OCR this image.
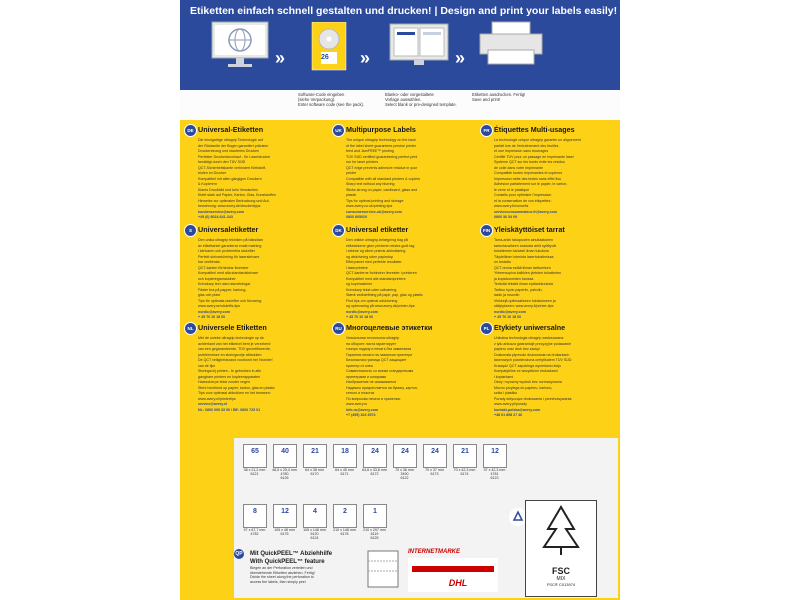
Etiketten einfach schnell gestalten und drucken! | Design and print your labels easily!
»	26 »	»
Software-Code eingeben
(siehe Verpackung).
Enter software code (see the pack).
Blanko- oder vorgestaltete
Vorlage auswählen.
Select blank or pre-designed template.
Etiketten ausdrucken. Fertig!
Save and print!
DE Universal-Etiketten
Die einzigartige ultragrip Technologie auf
der Rückseite der Bogen garantiert präzisen
Druckereinzug und staufreies Drucken
Perfekter Druckerdurchlauf - für Laserdrucker
bestätigt durch den TÜV SÜD
QCT-Sicherheitskante verhindert Klebstoff-
bluten im Drucker
Kompatibel mit allen gängigen Druckern
& Kopierern
Klares Druckbild und kein Verwischen
Klebt stark auf Papier, Karton, Glas, Kunststoffen
Hinweise zur optimalen Bedruckung und Auf-
bewahrung: www.avery.de/druckertipps
kundenservice@avery.com
+49 (0) 8024-641-343
UK Multipurpose Labels
The unique ultragrip technology on the back
of the label sheet guarantees precise printer
feed and JamFREE™ printing
TÜV SÜD certified guaranteeing perfect print
run for laser printers
QCT edge prevents adhesive residue in your
printer
Compatible with all standard printers & copiers
Sharp text without any blurring
Sticks strong on paper, cardboard, glass and
plastic
Tips for optimal printing and storage:
www.avery.co.uk/printing-tips
consumerservice-uk@avery.com
0800 805020
FR Étiquettes Multi-usages
La technologie unique ultragrip garantie un alignement
parfait lors de l'entraînement des feuilles
et une impression sans bourrages
Certifié TÜV pour un passage en imprimante laser
Système QCT sur les bords évite les résidus
de colle dans votre imprimante
Compatible toutes imprimantes et copieurs
Impression nette des textes sans effet flou
Adhésion parfaitement sur le papier, le carton,
le verre et le plastique
Conseils pour optimiser l'impression
et la conservation de vos étiquettes :
www.avery.fr/conseils
serviceconsommateur-fr@avery.com
0800 36 54 09
S Universaletiketter
Den unika ultragrip tekniken på baksidan
av etikettarket garanterar exakt matning
i skrivaren och problemfria utskrifter
Perfekt skrivarkörning för laserskrivare
har verifierats
QCT-kanten förhindrar limrester
Kompatibel med alla standardskrivare
och kopieringsmaskiner
Knivskarp text utan utsmetningar
Fäster bra på papper, kartong,
glas och plast
Tips för optimala utskrifter och förvaring:
www.avery.se/utskrifts-tips
nordic@avery.com
+ 45 70 10 18 00
DK Universal etiketter
Den unikke ultragrip-belægning bag på
etiketarkene giver printeren ekstra godt tag
i arkene og sikrer præcis arkindføring
og afskrivning uden papirstop
Efterprøvet med perfekte resultater
i laserprintere
QCT-kanterne forhindrer limrester i printeren
Kompatibel med alle standardprintere
og kopimaskiner
Knivskarp tekst uden udtværing
Stærk vedhæftning på papir, pap, glas og plastic
Find tips om optimal udskrivning
og opbevaring på www.avery.dk/printer-tips
nordic@avery.com
+ 45 70 10 18 00
FIN Yleiskäyttöiset tarrat
Tarra-arkin takapuolen ainutlaatuinen
tartuntavaiheen ansiosta arkit syöttyvät
tulostimeen tarkasti ilman tukoksia
Täydellinen toiminta lasertulostimissa
on testattu
QCT-reuna estää liiman tarttumisen
Yhteensopiva kaikkien yleisten tulostimien
ja kopiokoneiden kanssa
Terävää tekstiä ilman epätarkkuuksia
Tarttuu hyvin paperiin, pahviin,
lasiin ja muoviin
Vinkkejä optimaaliseen tulostukseen ja
säilytykseen: www.avery.fi/printer-tips
nordic@avery.com
+ 45 70 10 18 00
NL Universele Etiketten
Met de unieke ultragrip technologie op de
achterkant van het etiketvel bent je verzekerd
van een gegarandeerde, TÜV gecertificeerde,
probleemloze en storingsvrije afdrukken
De QCT veiligheidsrand voorkomt het 'bloeden'
van de lijm
Storingsvrij printen - te gebruiken in alle
gangbare printers en kopieerapparaten
Haarscherpe tekst zonder vegen
Sterk hechtend op papier, karton, glas en plastic
Tips voor optimaal afdrukken en het bewaren:
www.avery.nl/printertips
service@avery.nl
NL: 0800 099 33 90 / BE: 0800 725 01
RU Многоцелевые этикетки
Уникальная технология ultragrip
на обороте листа гарантирует
точную подачу и печать без заминания
Гарантия печати на лазерном принтере
Безопасная граница QCT защищает
принтер от клея
Совместимость со всеми стандартными
принтерами и копирами
Изображение не смазывается
Надежно прикрепляется на бумагу, картон,
стекло и пластик
По вопросам печати и хранения:
www.avery.ru
info.ru@avery.com
+7 (495) 324 3974
PL Etykiety uniwersalne
Unikalna technologia ultragrip zastosowana
z tyłu arkusza gwarantuje precyzyjne podawanie
papieru oraz druk bez zacięć
Doskonała płynność drukowania na drukarkach
laserowych potwierdzona certyfikatem TÜV SÜD
Krawędź QCT zapobiega wyciekaniu kleju
Kompatybilne ze wszystkimi drukarkami
i kopiarkami
Ostry i wyraźny wydruk bez rozmazywania
Mocno przylega do papieru, kartonu,
szkła i plastiku
Porady dotyczące drukowania i przechowywania:
www.avery.pl/porady
kontakt-polska@avery.com
+48 61 898 27 46
65
38 x 21,2 mm
6121
40
48,5 x 25,4 mm
4780
6126
21
64 x 38 mm
6170
18
64 x 45 mm
6171
24
64,6 x 33,8 mm
6172
24
70 x 36 mm
3490
6122
24
70 x 37 mm
6173
21
70 x 42,3 mm
6174
12
97 x 42,3 mm
4781
6123
8
97 x 67,7 mm
4782
12
105 x 48 mm
6175
4
105 x 148 mm
6120
6124
2
210 x 148 mm
6176
1
210 x 297 mm
6119
6125
QP Mit QuickPEEL™ Abziehhilfe
With QuickPEEL™ feature
Biegen an der Perforation zerteilen und
überstehende Etiketten abziehen. Fertig!
Divide the sheet along the perforation to
access the labels, then simply peel
INTERNETMARKE
DHL
FSC
MIX
FSC® C013974
